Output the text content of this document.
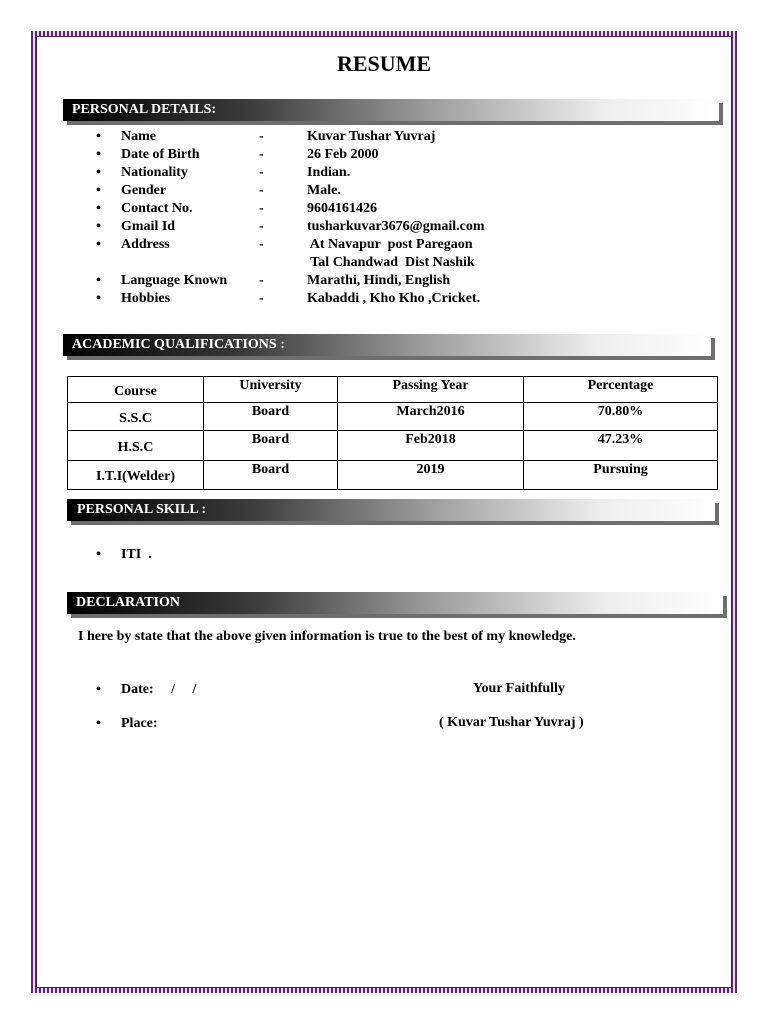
RESUME
PERSONAL DETAILS:
• Name	-	Kuvar Tushar Yuvraj
• Date of Birth	-	26 Feb 2000
• Nationality	-	Indian.
• Gender	-	Male.
• Contact No.	-	9604161426
• Gmail Id	-	tusharkuvar3676@gmail.com
• Address	-	At Navapur  post Paregaon
Tal Chandwad  Dist Nashik
• Language Known	-	Marathi, Hindi, English
• Hobbies	-	Kabaddi , Kho Kho ,Cricket.
ACADEMIC QUALIFICATIONS :
Course	University	Passing Year	Percentage
S.S.C	Board	March2016	70.80%
H.S.C	Board	Feb2018	47.23%
I.T.I(Welder)	Board	2019	Pursuing
PERSONAL SKILL :
• ITI  .
DECLARATION
I here by state that the above given information is true to the best of my knowledge.
• Date:     /     /	Your Faithfully
• Place:	( Kuvar Tushar Yuvraj )
